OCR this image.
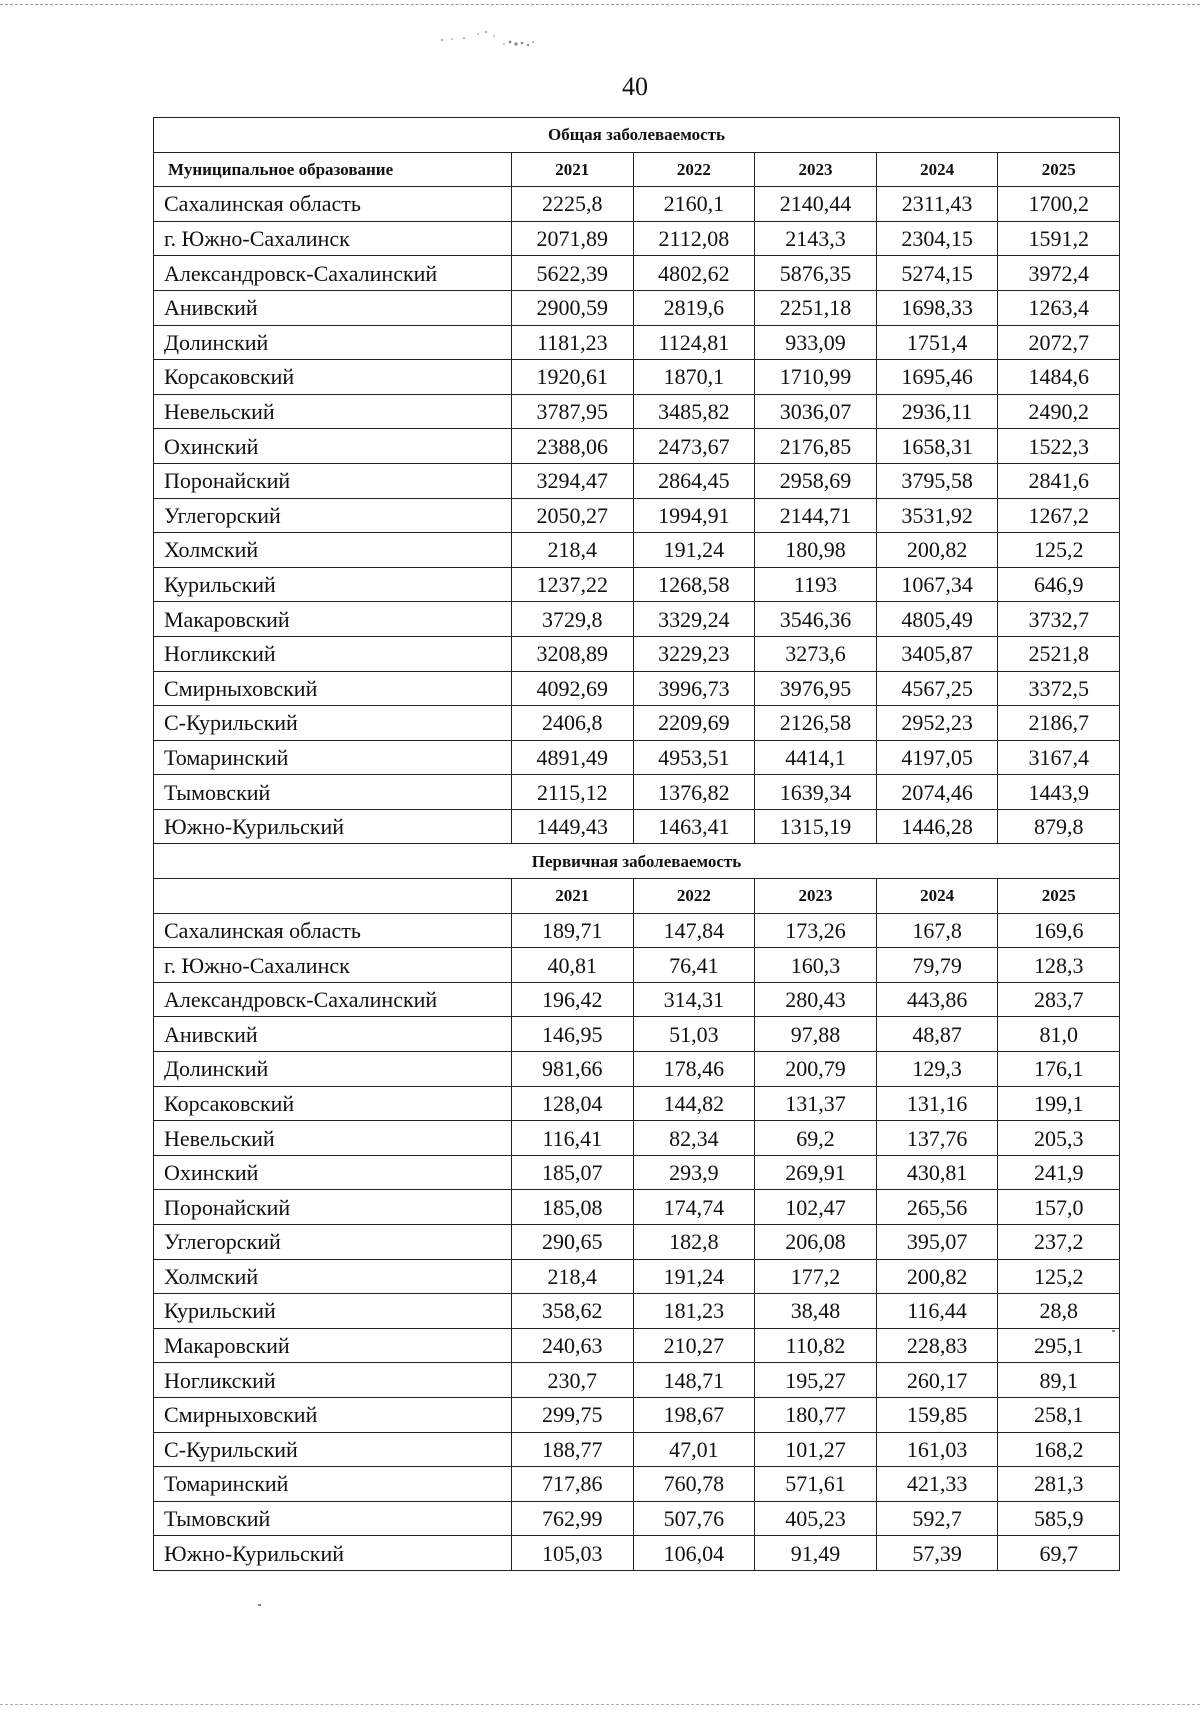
40
Общая заболеваемость					
Муниципальное образование	2021	2022	2023	2024	2025
Сахалинская область	2225,8	2160,1	2140,44	2311,43	1700,2
г. Южно-Сахалинск	2071,89	2112,08	2143,3	2304,15	1591,2
Александровск-Сахалинский	5622,39	4802,62	5876,35	5274,15	3972,4
Анивский	2900,59	2819,6	2251,18	1698,33	1263,4
Долинский	1181,23	1124,81	933,09	1751,4	2072,7
Корсаковский	1920,61	1870,1	1710,99	1695,46	1484,6
Невельский	3787,95	3485,82	3036,07	2936,11	2490,2
Охинский	2388,06	2473,67	2176,85	1658,31	1522,3
Поронайский	3294,47	2864,45	2958,69	3795,58	2841,6
Углегорский	2050,27	1994,91	2144,71	3531,92	1267,2
Холмский	218,4	191,24	180,98	200,82	125,2
Курильский	1237,22	1268,58	1193	1067,34	646,9
Макаровский	3729,8	3329,24	3546,36	4805,49	3732,7
Ногликский	3208,89	3229,23	3273,6	3405,87	2521,8
Смирныховский	4092,69	3996,73	3976,95	4567,25	3372,5
С-Курильский	2406,8	2209,69	2126,58	2952,23	2186,7
Томаринский	4891,49	4953,51	4414,1	4197,05	3167,4
Тымовский	2115,12	1376,82	1639,34	2074,46	1443,9
Южно-Курильский	1449,43	1463,41	1315,19	1446,28	879,8
Первичная заболеваемость					
	2021	2022	2023	2024	2025
Сахалинская область	189,71	147,84	173,26	167,8	169,6
г. Южно-Сахалинск	40,81	76,41	160,3	79,79	128,3
Александровск-Сахалинский	196,42	314,31	280,43	443,86	283,7
Анивский	146,95	51,03	97,88	48,87	81,0
Долинский	981,66	178,46	200,79	129,3	176,1
Корсаковский	128,04	144,82	131,37	131,16	199,1
Невельский	116,41	82,34	69,2	137,76	205,3
Охинский	185,07	293,9	269,91	430,81	241,9
Поронайский	185,08	174,74	102,47	265,56	157,0
Углегорский	290,65	182,8	206,08	395,07	237,2
Холмский	218,4	191,24	177,2	200,82	125,2
Курильский	358,62	181,23	38,48	116,44	28,8
Макаровский	240,63	210,27	110,82	228,83	295,1
Ногликский	230,7	148,71	195,27	260,17	89,1
Смирныховский	299,75	198,67	180,77	159,85	258,1
С-Курильский	188,77	47,01	101,27	161,03	168,2
Томаринский	717,86	760,78	571,61	421,33	281,3
Тымовский	762,99	507,76	405,23	592,7	585,9
Южно-Курильский	105,03	106,04	91,49	57,39	69,7
